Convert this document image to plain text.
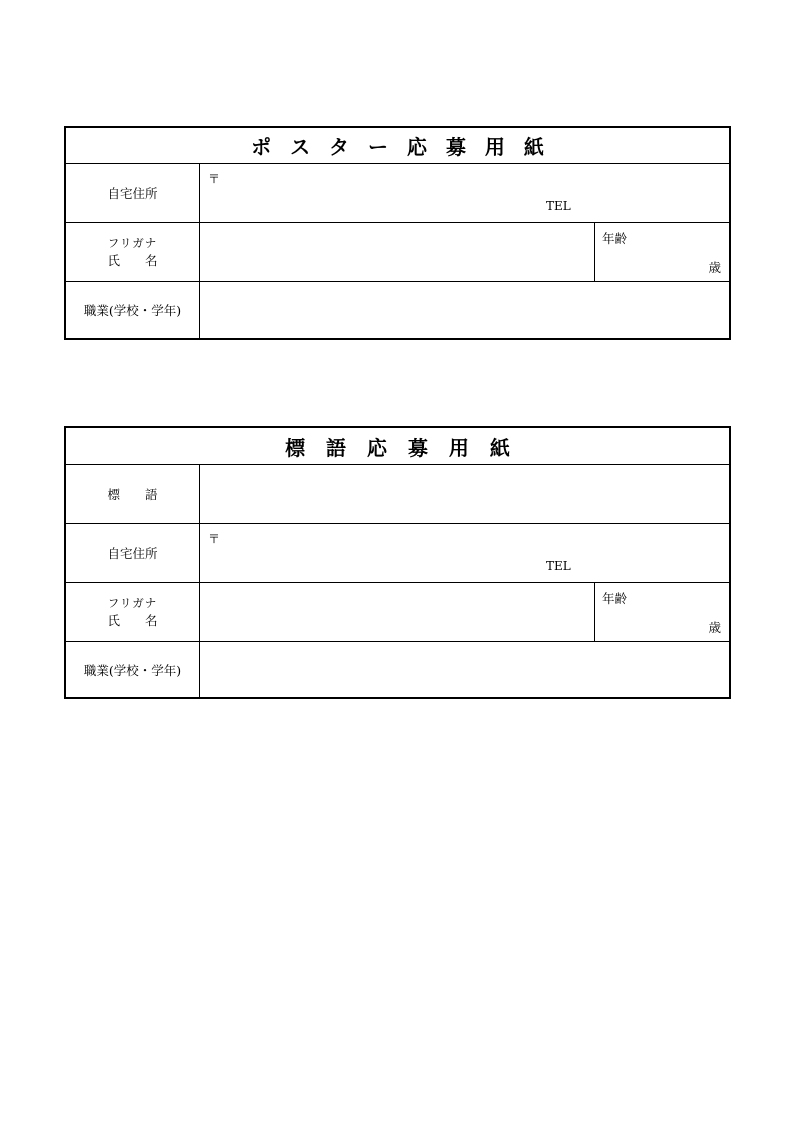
ポ ス タ ー 応 募 用 紙
自宅住所
〒
TEL
フリガナ
氏　　名
年齢
歳
職業(学校・学年)
標 語 応 募 用 紙
標　　語
自宅住所
〒
TEL
フリガナ
氏　　名
年齢
歳
職業(学校・学年)
